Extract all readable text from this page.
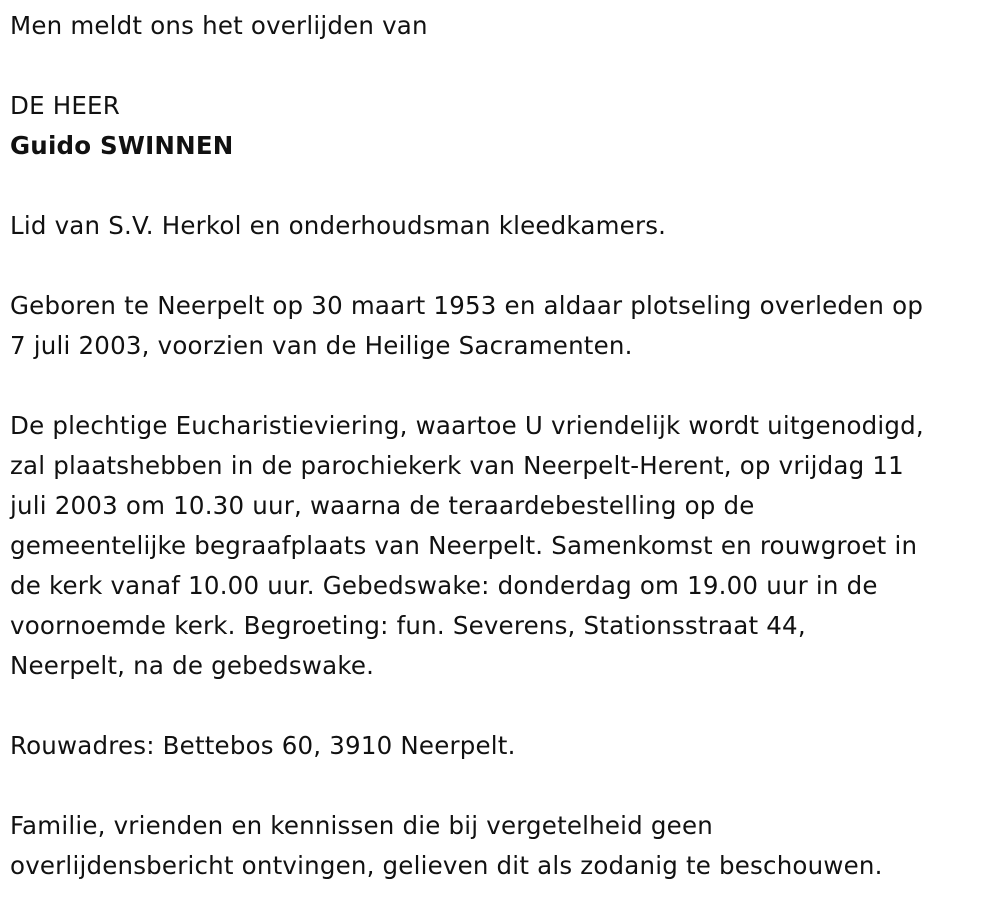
Men meldt ons het overlijden van
DE HEER
Guido SWINNEN
Lid van S.V. Herkol en onderhoudsman kleedkamers.
Geboren te Neerpelt op 30 maart 1953 en aldaar plotseling overleden op
7 juli 2003, voorzien van de Heilige Sacramenten.
De plechtige Eucharistieviering, waartoe U vriendelijk wordt uitgenodigd,
zal plaatshebben in de parochiekerk van Neerpelt-Herent, op vrijdag 11
juli 2003 om 10.30 uur, waarna de teraardebestelling op de
gemeentelijke begraafplaats van Neerpelt. Samenkomst en rouwgroet in
de kerk vanaf 10.00 uur. Gebedswake: donderdag om 19.00 uur in de
voornoemde kerk. Begroeting: fun. Severens, Stationsstraat 44,
Neerpelt, na de gebedswake.
Rouwadres: Bettebos 60, 3910 Neerpelt.
Familie, vrienden en kennissen die bij vergetelheid geen
overlijdensbericht ontvingen, gelieven dit als zodanig te beschouwen.
